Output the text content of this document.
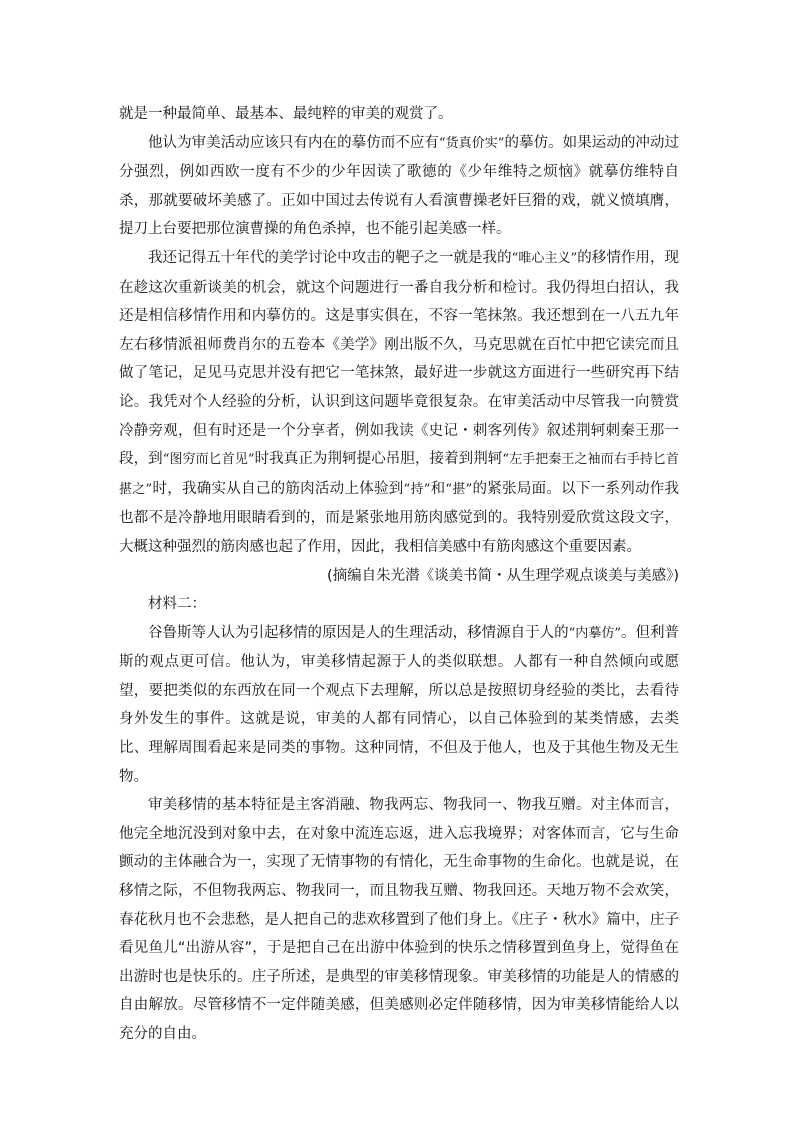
就是一种最简单、最基本、最纯粹的审美的观赏了。

他认为审美活动应该只有内在的摹仿而不应有“货真价实”的摹仿。如果运动的冲动过分强烈，例如西欧一度有不少的少年因读了歌德的《少年维特之烦恼》就摹仿维特自杀，那就要破坏美感了。正如中国过去传说有人看演曹操老奸巨猾的戏，就义愤填膺，提刀上台要把那位演曹操的角色杀掉，也不能引起美感一样。

我还记得五十年代的美学讨论中攻击的靶子之一就是我的“唯心主义”的移情作用，现在趁这次重新谈美的机会，就这个问题进行一番自我分析和检讨。我仍得坦白招认，我还是相信移情作用和内摹仿的。这是事实俱在，不容一笔抹煞。我还想到在一八五九年左右移情派祖师费肖尔的五卷本《美学》刚出版不久，马克思就在百忙中把它读完而且做了笔记，足见马克思并没有把它一笔抹煞，最好进一步就这方面进行一些研究再下结论。我凭对个人经验的分析，认识到这问题毕竟很复杂。在审美活动中尽管我一向赞赏冷静旁观，但有时还是一个分享者，例如我读《史记・刺客列传》叙述荆轲刺秦王那一段，到“图穷而匕首见”时我真正为荆轲提心吊胆，接着到荆轲“左手把秦王之袖而右手持匕首揕之”时，我确实从自己的筋肉活动上体验到“持”和“揕”的紧张局面。以下一系列动作我也都不是冷静地用眼睛看到的，而是紧张地用筋肉感觉到的。我特别爱欣赏这段文字，大概这种强烈的筋肉感也起了作用，因此，我相信美感中有筋肉感这个重要因素。

(摘编自朱光潜《谈美书简・从生理学观点谈美与美感》)

材料二：

谷鲁斯等人认为引起移情的原因是人的生理活动，移情源自于人的“内摹仿”。但利普斯的观点更可信。他认为，审美移情起源于人的类似联想。人都有一种自然倾向或愿望，要把类似的东西放在同一个观点下去理解，所以总是按照切身经验的类比，去看待身外发生的事件。这就是说，审美的人都有同情心，以自己体验到的某类情感，去类比、理解周围看起来是同类的事物。这种同情，不但及于他人，也及于其他生物及无生物。

审美移情的基本特征是主客消融、物我两忘、物我同一、物我互赠。对主体而言，他完全地沉没到对象中去，在对象中流连忘返，进入忘我境界；对客体而言，它与生命颤动的主体融合为一，实现了无情事物的有情化，无生命事物的生命化。也就是说，在移情之际，不但物我两忘、物我同一，而且物我互赠、物我回还。天地万物不会欢笑，春花秋月也不会悲愁，是人把自己的悲欢移置到了他们身上。《庄子・秋水》篇中，庄子看见鱼儿“出游从容”，于是把自己在出游中体验到的快乐之情移置到鱼身上，觉得鱼在出游时也是快乐的。庄子所述，是典型的审美移情现象。审美移情的功能是人的情感的自由解放。尽管移情不一定伴随美感，但美感则必定伴随移情，因为审美移情能给人以充分的自由。
